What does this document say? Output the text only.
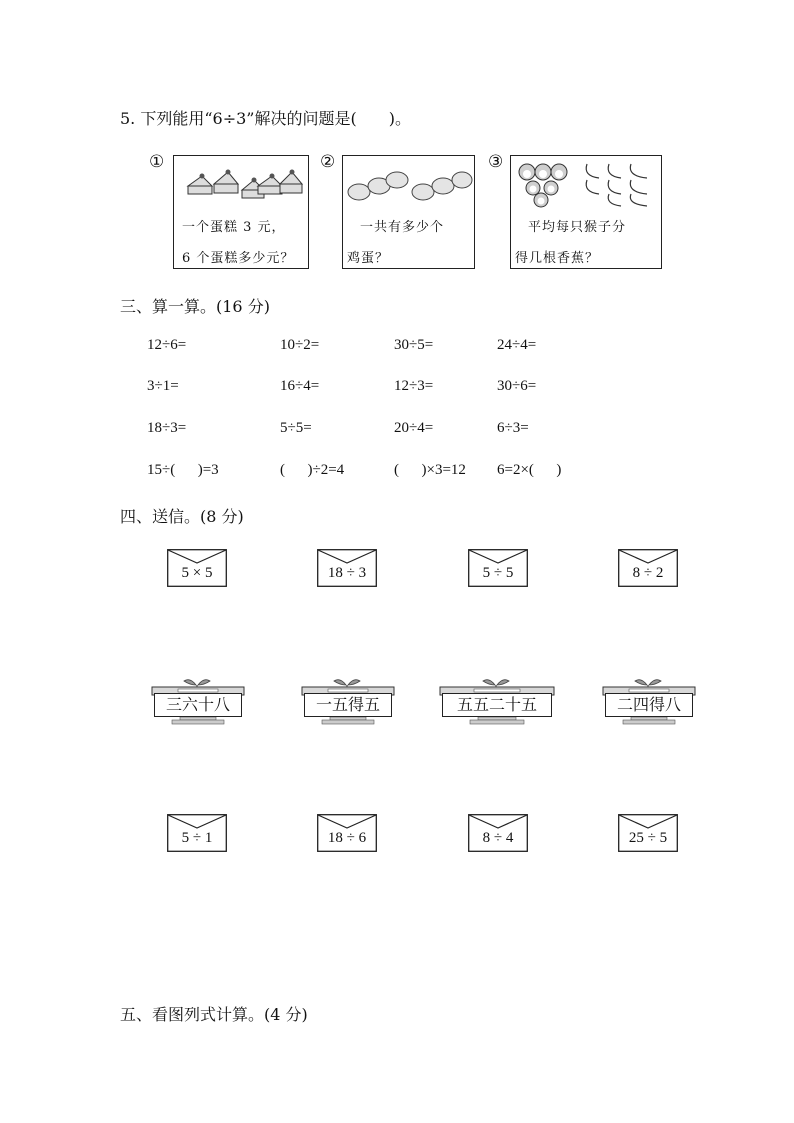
5. 下列能用“6÷3”解决的问题是(　　)。
①
一个蛋糕 3 元，
6 个蛋糕多少元？
②
一共有多少个
鸡蛋？
③
平均每只猴子分
得几根香蕉？
三、算一算。(16 分)
12÷6=	10÷2=	30÷5=	24÷4=
3÷1=	16÷4=	12÷3=	30÷6=
18÷3=	5÷5=	20÷4=	6÷3=
15÷(      )=3	(      )÷2=4	(      )×3=12 6=2×(      )
四、送信。(8 分)
5 × 5	18 ÷ 3	5 ÷ 5	8 ÷ 2
三六十八	一五得五	五五二十五	二四得八
5 ÷ 1	18 ÷ 6	8 ÷ 4	25 ÷ 5
五、看图列式计算。(4 分)
